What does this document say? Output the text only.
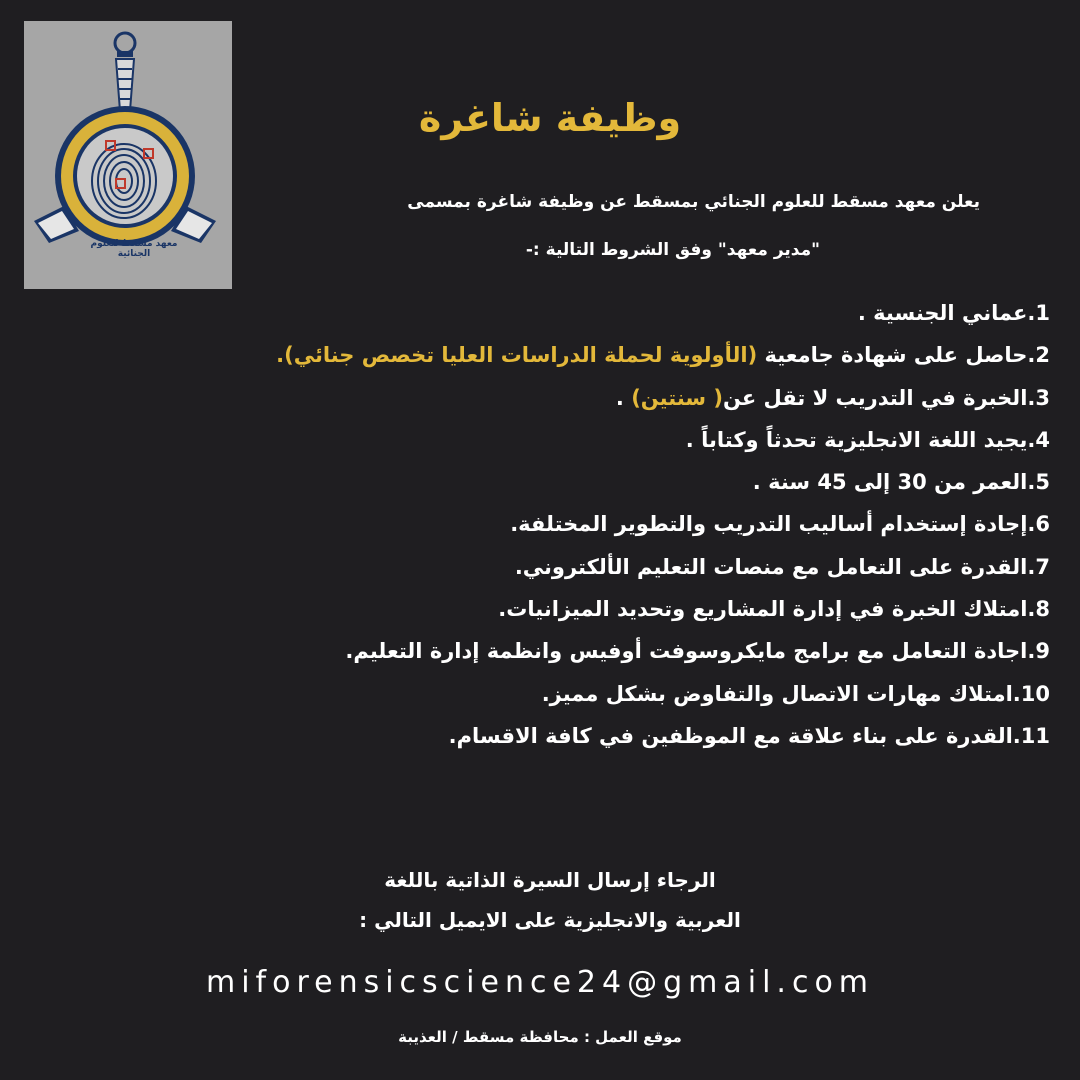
معهد مسقط للعلوم الجنائية
وظيفة شاغرة
يعلن معهد مسقط للعلوم الجنائي بمسقط عن وظيفة شاغرة بمسمى
"مدير معهد" وفق الشروط التالية :-
1.عماني الجنسية .
2.حاصل على شهادة جامعية (الأولوية لحملة الدراسات العليا تخصص جنائي).
3.الخبرة في التدريب لا تقل عن( سنتين) .
4.يجيد اللغة الانجليزية تحدثاً وكتاباً .
5.العمر من 30 إلى 45 سنة .
6.إجادة إستخدام أساليب التدريب والتطوير المختلفة.
7.القدرة على التعامل مع منصات التعليم الألكتروني.
8.امتلاك الخبرة في إدارة المشاريع وتحديد الميزانيات.
9.اجادة التعامل مع برامج مايكروسوفت أوفيس وانظمة إدارة التعليم.
10.امتلاك مهارات الاتصال والتفاوض بشكل مميز.
11.القدرة على بناء علاقة مع الموظفين في كافة الاقسام.
الرجاء إرسال السيرة الذاتية باللغة
العربية والانجليزية على الايميل التالي :
miforensicscience24@gmail.com
موقع العمل : محافظة مسقط / العذيبة
